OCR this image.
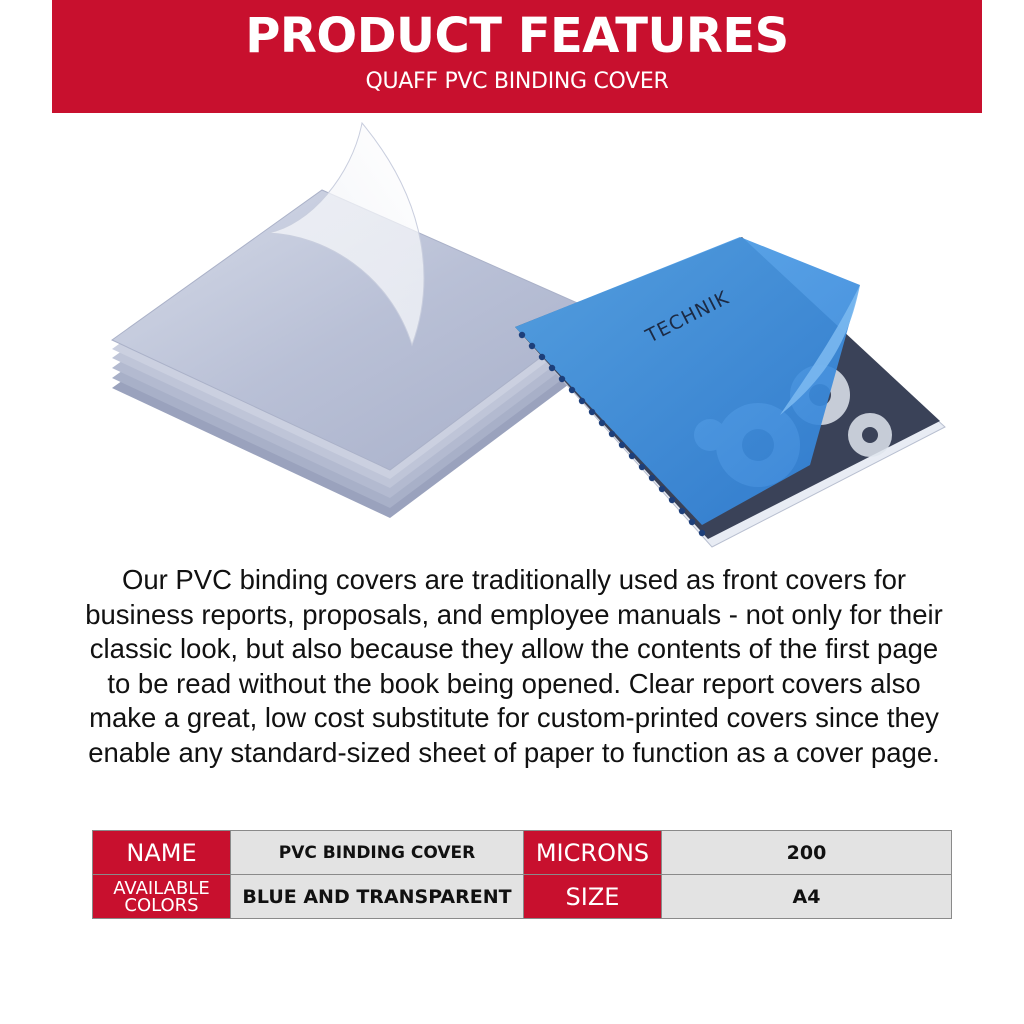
PRODUCT FEATURES
QUAFF PVC BINDING COVER
TECHNIK
Our PVC binding covers are traditionally used as front covers for business reports, proposals, and employee manuals - not only for their classic look, but also because they allow the contents of the first page to be read without the book being opened. Clear report covers also make a great, low cost substitute for custom-printed covers since they enable any standard-sized sheet of paper to function as a cover page.
NAME	PVC BINDING COVER	MICRONS	200
AVAILABLE COLORS	BLUE AND TRANSPARENT	SIZE	A4
